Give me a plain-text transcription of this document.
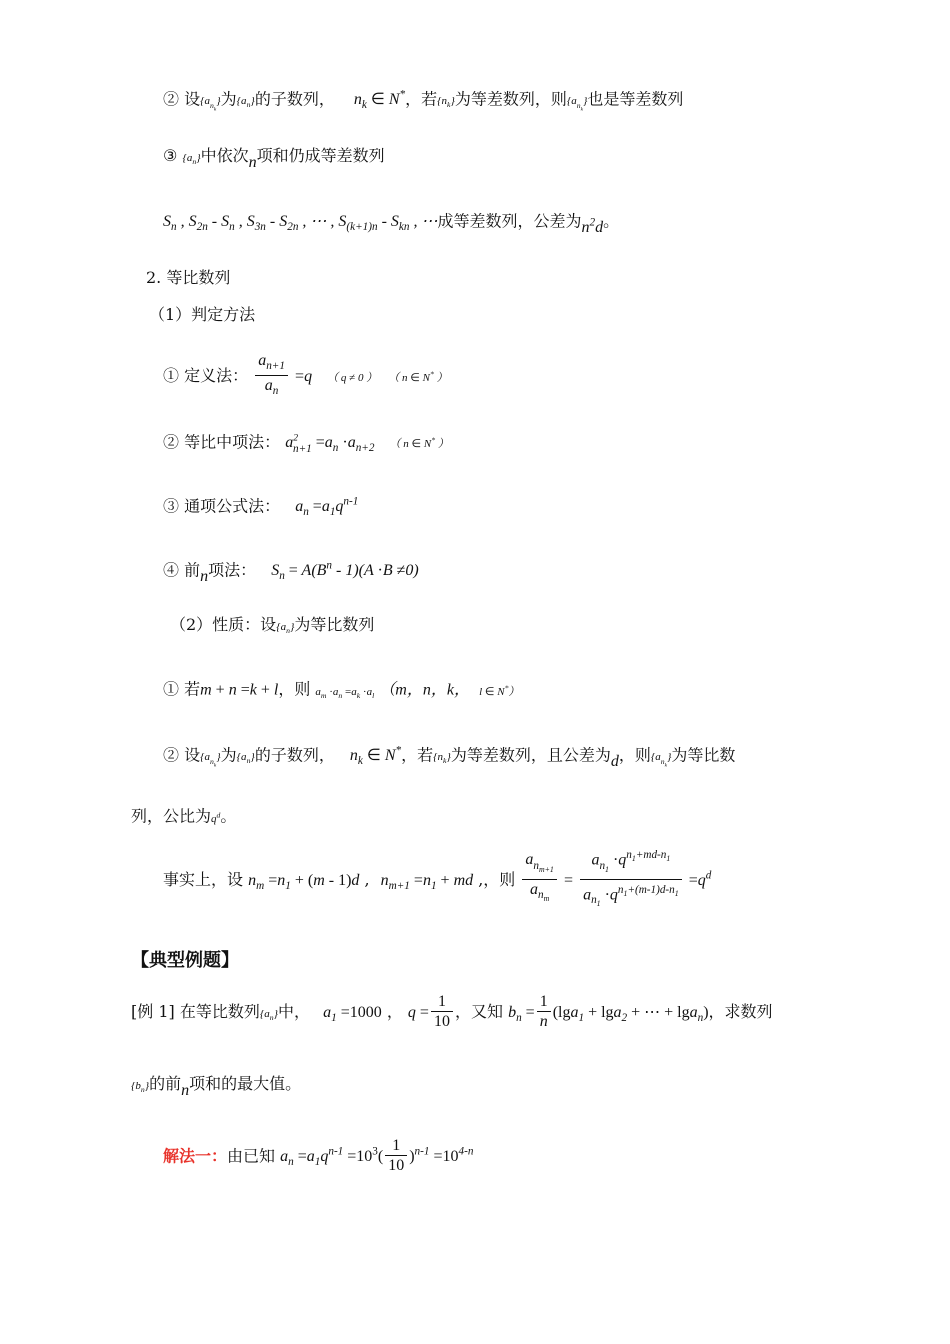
② 设$\{a_{n_k}\}$为$\{a_n\}$的子数列， $n_k$ ∈ N*，若$\{n_k\}$为等差数列，则$\{a_{n_k}\}$也是等差数列
③ $\{a_n\}$中依次n项和仍成等差数列
$S_n$ , $S_{2n} - S_n$ , $S_{3n} - S_{2n}$ , ⋯ , $S_{(k+1)n} - S_{kn}$ , ⋯成等差数列，公差为$n^2d$。
2. 等比数列
（1）判定方法
① 定义法： $\frac{a_{n+1}}{a_n} =q$ （ q ≠ 0 ） （ n ∈ N* ）
② 等比中项法： $a^2_{n+1} =a_n \cdot a_{n+2}$ （ n ∈ N* ）
③ 通项公式法： $a_n =a_1q^{n-1}$
④ 前n项法： $S_n = A(B^n - 1)(A \cdot B \ne 0)$
（2）性质：设$\{a_n\}$为等比数列
① 若m + n =k + l，则 $a_m \cdot a_n =a_k \cdot a_l$ （m，n，k， l ∈ N*）
② 设$\{a_{n_k}\}$为$\{a_n\}$的子数列， $n_k$ ∈ N*，若$\{n_k\}$为等差数列，且公差为d，则$\{a_{n_k}\}$为等比数
列，公比为$q^d$。
事实上，设 $n_m =n_1 + (m - 1)d$ , $n_{m+1} =n_1$ + md ,，则 $\frac{a_{n_{m+1}}}{a_{n_m}} = \frac{a_{n_1} \cdot q^{n_1+md-n_1}}{a_{n_1} \cdot q^{n_1+(m-1)d-n_1}} =q^d$
【典型例题】
[例 1] 在等比数列$\{a_n\}$中， $a_1 =1000$ ， $q = \frac{1}{10}$ ，又知 $b_n = \frac{1}{n} (\lg a_1 + \lg a_2$ + ⋯ + lga$_n$)，求数列
$\{b_n\}$的前n项和的最大值。
解法一：由已知 $a_n =a_1q^{n-1} =10^3( \frac{1}{10} )^{n-1} =10^{4-n}$
